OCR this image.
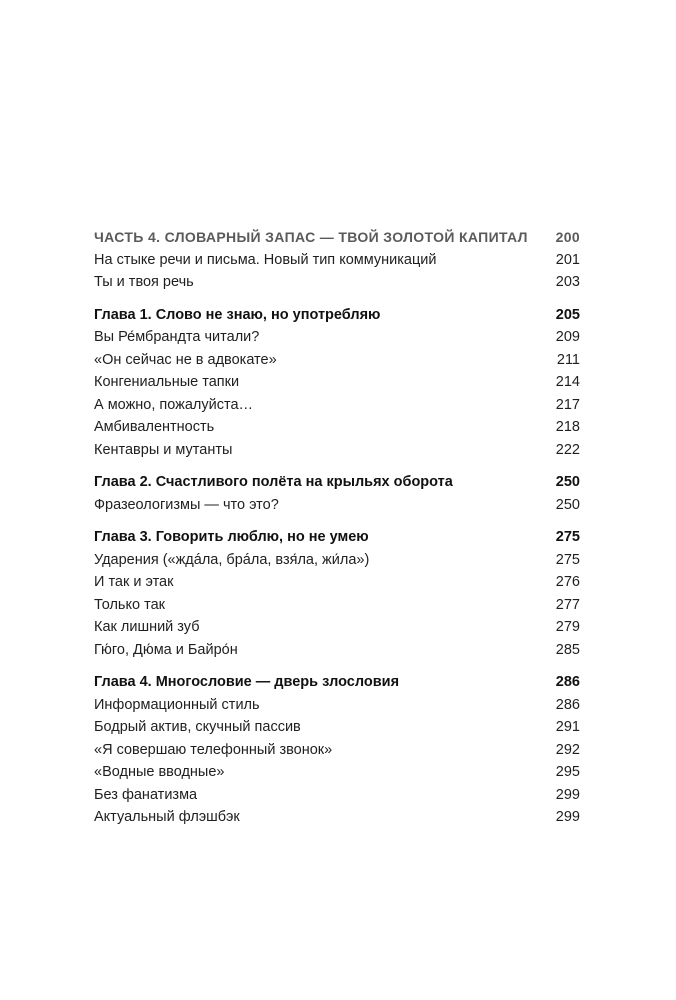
ЧАСТЬ 4. СЛОВАРНЫЙ ЗАПАС — ТВОЙ ЗОЛОТОЙ КАПИТАЛ	200
На стыке речи и письма. Новый тип коммуникаций	201
Ты и твоя речь	203
Глава 1. Слово не знаю, но употребляю	205
Вы Ре́мбрандта читали?	209
«Он сейчас не в адвокате»	211
Конгениальные тапки	214
А можно, пожалуйста…	217
Амбивалентность	218
Кентавры и мутанты	222
Глава 2. Счастливого полёта на крыльях оборота	250
Фразеологизмы — что это?	250
Глава 3. Говорить люблю, но не умею	275
Ударения («ждáла, брáла, взя́ла, жи́ла»)	275
И так и этак	276
Только так	277
Как лишний зуб	279
Гю́го, Дю́ма и Байро́н	285
Глава 4. Многословие — дверь злословия	286
Информационный стиль	286
Бодрый актив, скучный пассив	291
«Я совершаю телефонный звонок»	292
«Водные вводные»	295
Без фанатизма	299
Актуальный флэшбэк	299
